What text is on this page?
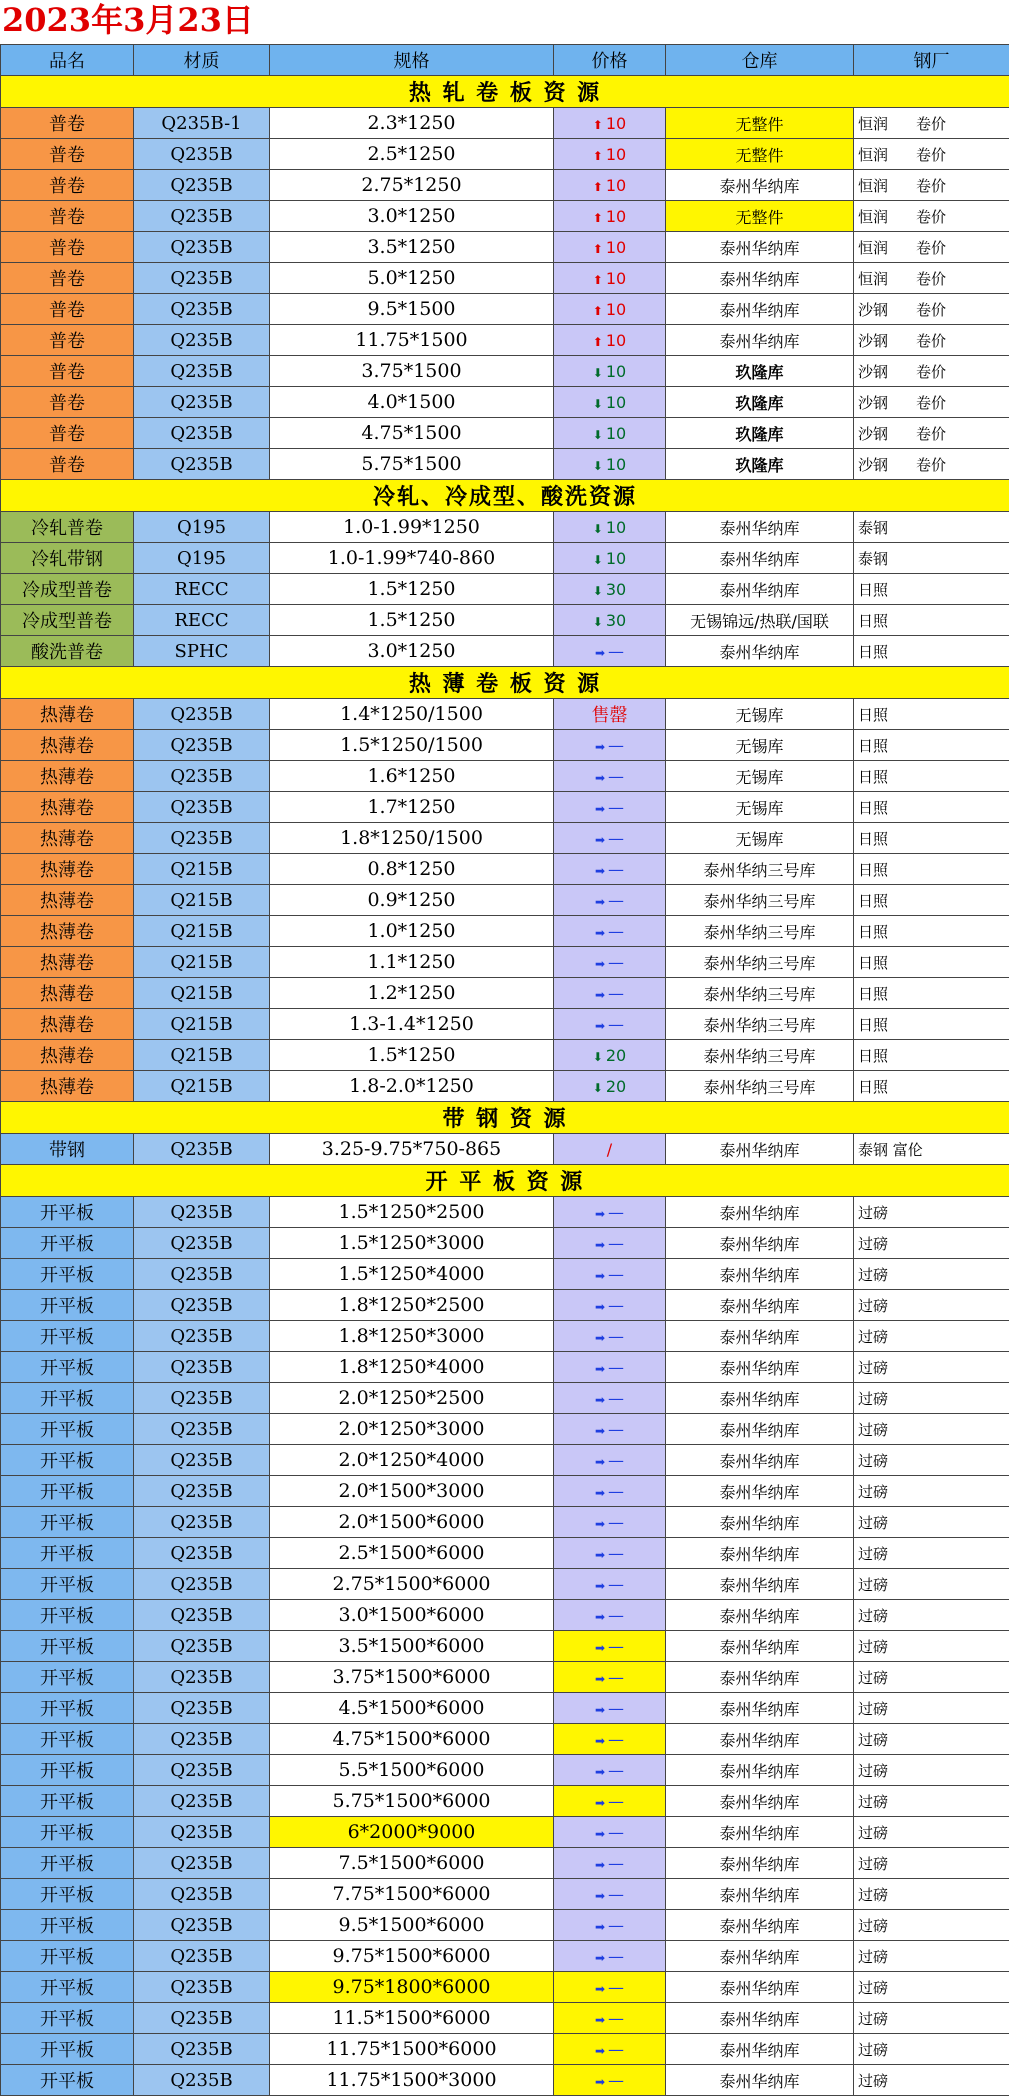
2023年3月23日
品名	材质	规格	价格	仓库	钢厂
热 轧 卷 板 资 源					
普卷	Q235B-1	2.3*1250	⬆ 10	无整件	恒润 卷价
普卷	Q235B	2.5*1250	⬆ 10	无整件	恒润 卷价
普卷	Q235B	2.75*1250	⬆ 10	泰州华纳库	恒润 卷价
普卷	Q235B	3.0*1250	⬆ 10	无整件	恒润 卷价
普卷	Q235B	3.5*1250	⬆ 10	泰州华纳库	恒润 卷价
普卷	Q235B	5.0*1250	⬆ 10	泰州华纳库	恒润 卷价
普卷	Q235B	9.5*1500	⬆ 10	泰州华纳库	沙钢 卷价
普卷	Q235B	11.75*1500	⬆ 10	泰州华纳库	沙钢 卷价
普卷	Q235B	3.75*1500	⬇ 10	玖隆库	沙钢 卷价
普卷	Q235B	4.0*1500	⬇ 10	玖隆库	沙钢 卷价
普卷	Q235B	4.75*1500	⬇ 10	玖隆库	沙钢 卷价
普卷	Q235B	5.75*1500	⬇ 10	玖隆库	沙钢 卷价
冷轧、冷成型、酸洗资源					
冷轧普卷	Q195	1.0-1.99*1250	⬇ 10	泰州华纳库	泰钢
冷轧带钢	Q195	1.0-1.99*740-860	⬇ 10	泰州华纳库	泰钢
冷成型普卷	RECC	1.5*1250	⬇ 30	泰州华纳库	日照
冷成型普卷	RECC	1.5*1250	⬇ 30	无锡锦远/热联/国联	日照
酸洗普卷	SPHC	3.0*1250	➡ —	泰州华纳库	日照
热 薄 卷 板 资 源					
热薄卷	Q235B	1.4*1250/1500	售罄	无锡库	日照
热薄卷	Q235B	1.5*1250/1500	➡ —	无锡库	日照
热薄卷	Q235B	1.6*1250	➡ —	无锡库	日照
热薄卷	Q235B	1.7*1250	➡ —	无锡库	日照
热薄卷	Q235B	1.8*1250/1500	➡ —	无锡库	日照
热薄卷	Q215B	0.8*1250	➡ —	泰州华纳三号库	日照
热薄卷	Q215B	0.9*1250	➡ —	泰州华纳三号库	日照
热薄卷	Q215B	1.0*1250	➡ —	泰州华纳三号库	日照
热薄卷	Q215B	1.1*1250	➡ —	泰州华纳三号库	日照
热薄卷	Q215B	1.2*1250	➡ —	泰州华纳三号库	日照
热薄卷	Q215B	1.3-1.4*1250	➡ —	泰州华纳三号库	日照
热薄卷	Q215B	1.5*1250	⬇ 20	泰州华纳三号库	日照
热薄卷	Q215B	1.8-2.0*1250	⬇ 20	泰州华纳三号库	日照
带 钢 资 源					
带钢	Q235B	3.25-9.75*750-865	/	泰州华纳库	泰钢 富伦
开 平 板 资 源					
开平板	Q235B	1.5*1250*2500	➡ —	泰州华纳库	过磅
开平板	Q235B	1.5*1250*3000	➡ —	泰州华纳库	过磅
开平板	Q235B	1.5*1250*4000	➡ —	泰州华纳库	过磅
开平板	Q235B	1.8*1250*2500	➡ —	泰州华纳库	过磅
开平板	Q235B	1.8*1250*3000	➡ —	泰州华纳库	过磅
开平板	Q235B	1.8*1250*4000	➡ —	泰州华纳库	过磅
开平板	Q235B	2.0*1250*2500	➡ —	泰州华纳库	过磅
开平板	Q235B	2.0*1250*3000	➡ —	泰州华纳库	过磅
开平板	Q235B	2.0*1250*4000	➡ —	泰州华纳库	过磅
开平板	Q235B	2.0*1500*3000	➡ —	泰州华纳库	过磅
开平板	Q235B	2.0*1500*6000	➡ —	泰州华纳库	过磅
开平板	Q235B	2.5*1500*6000	➡ —	泰州华纳库	过磅
开平板	Q235B	2.75*1500*6000	➡ —	泰州华纳库	过磅
开平板	Q235B	3.0*1500*6000	➡ —	泰州华纳库	过磅
开平板	Q235B	3.5*1500*6000	➡ —	泰州华纳库	过磅
开平板	Q235B	3.75*1500*6000	➡ —	泰州华纳库	过磅
开平板	Q235B	4.5*1500*6000	➡ —	泰州华纳库	过磅
开平板	Q235B	4.75*1500*6000	➡ —	泰州华纳库	过磅
开平板	Q235B	5.5*1500*6000	➡ —	泰州华纳库	过磅
开平板	Q235B	5.75*1500*6000	➡ —	泰州华纳库	过磅
开平板	Q235B	6*2000*9000	➡ —	泰州华纳库	过磅
开平板	Q235B	7.5*1500*6000	➡ —	泰州华纳库	过磅
开平板	Q235B	7.75*1500*6000	➡ —	泰州华纳库	过磅
开平板	Q235B	9.5*1500*6000	➡ —	泰州华纳库	过磅
开平板	Q235B	9.75*1500*6000	➡ —	泰州华纳库	过磅
开平板	Q235B	9.75*1800*6000	➡ —	泰州华纳库	过磅
开平板	Q235B	11.5*1500*6000	➡ —	泰州华纳库	过磅
开平板	Q235B	11.75*1500*6000	➡ —	泰州华纳库	过磅
开平板	Q235B	11.75*1500*3000	➡ —	泰州华纳库	过磅
